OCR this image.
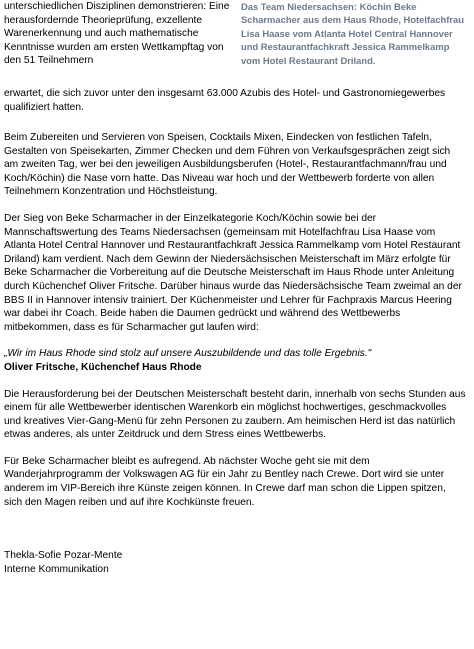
unterschiedlichen Disziplinen demonstrieren: Eine herausfordernde Theorieprüfung, exzellente Warenerkennung und auch mathematische Kenntnisse wurden am ersten Wettkampftag von den 51 Teilnehmern

Das Team Niedersachsen: Köchin Beke Scharmacher aus dem Haus Rhode, Hotelfachfrau Lisa Haase vom Atlanta Hotel Central Hannover und Restaurantfachkraft Jessica Rammelkamp vom Hotel Restaurant Driland.

erwartet, die sich zuvor unter den insgesamt 63.000 Azubis des Hotel- und Gastronomiegewerbes qualifiziert hatten.

Beim Zubereiten und Servieren von Speisen, Cocktails Mixen, Eindecken von festlichen Tafeln, Gestalten von Speisekarten, Zimmer Checken und dem Führen von Verkaufsgesprächen zeigt sich am zweiten Tag, wer bei den jeweiligen Ausbildungsberufen (Hotel-, Restaurantfachmann/frau und Koch/Köchin) die Nase vorn hatte. Das Niveau war hoch und der Wettbewerb forderte von allen Teilnehmern Konzentration und Höchstleistung.

Der Sieg von Beke Scharmacher in der Einzelkategorie Koch/Köchin sowie bei der Mannschaftswertung des Teams Niedersachsen (gemeinsam mit Hotelfachfrau Lisa Haase vom Atlanta Hotel Central Hannover und Restaurantfachkraft Jessica Rammelkamp vom Hotel Restaurant Driland) kam verdient. Nach dem Gewinn der Niedersächsischen Meisterschaft im März erfolgte für Beke Scharmacher die Vorbereitung auf die Deutsche Meisterschaft im Haus Rhode unter Anleitung durch Küchenchef Oliver Fritsche. Darüber hinaus wurde das Niedersächsische Team zweimal an der BBS II in Hannover intensiv trainiert. Der Küchenmeister und Lehrer für Fachpraxis Marcus Heering war dabei ihr Coach. Beide haben die Daumen gedrückt und während des Wettbewerbs mitbekommen, dass es für Scharmacher gut laufen wird:

„Wir im Haus Rhode sind stolz auf unsere Auszubildende und das tolle Ergebnis."

Oliver Fritsche, Küchenchef Haus Rhode

Die Herausforderung bei der Deutschen Meisterschaft besteht darin, innerhalb von sechs Stunden aus einem für alle Wettbewerber identischen Warenkorb ein möglichst hochwertiges, geschmackvolles und kreatives Vier-Gang-Menü für zehn Personen zu zaubern. Am heimischen Herd ist das natürlich etwas anderes, als unter Zeitdruck und dem Stress eines Wettbewerbs.

Für Beke Scharmacher bleibt es aufregend. Ab nächster Woche geht sie mit dem Wanderjahrprogramm der Volkswagen AG für ein Jahr zu Bentley nach Crewe. Dort wird sie unter anderem im VIP-Bereich ihre Künste zeigen können. In Crewe darf man schon die Lippen spitzen, sich den Magen reiben und auf ihre Kochkünste freuen.

Thekla-Sofie Pozar-Mente

Interne Kommunikation
